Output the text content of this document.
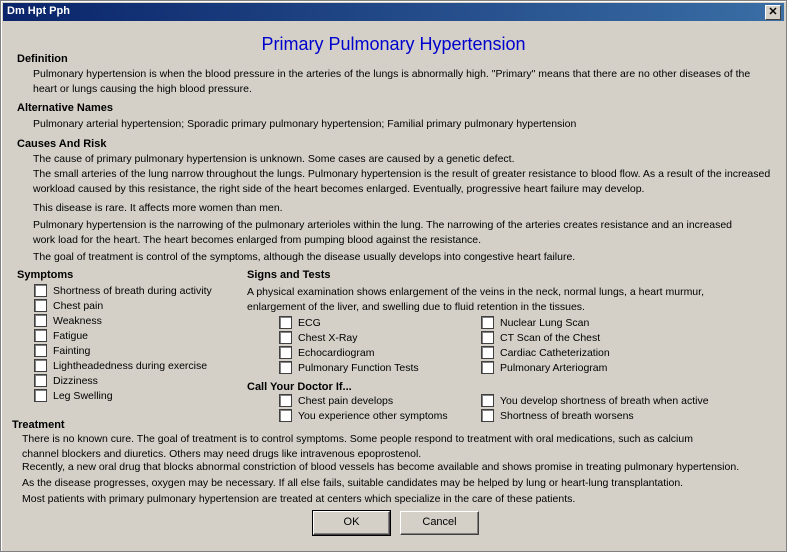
Dm Hpt Pph	✕
Primary Pulmonary Hypertension
Definition
Pulmonary hypertension is when the blood pressure in the arteries of the lungs is abnormally high. "Primary" means that there are no other diseases of the heart or lungs causing the high blood pressure.
Alternative Names
Pulmonary arterial hypertension; Sporadic primary pulmonary hypertension; Familial primary pulmonary hypertension
Causes And Risk
The cause of primary pulmonary hypertension is unknown. Some cases are caused by a genetic defect.
The small arteries of the lung narrow throughout the lungs. Pulmonary hypertension is the result of greater resistance to blood flow. As a result of the increased workload caused by this resistance, the right side of the heart becomes enlarged. Eventually, progressive heart failure may develop.
This disease is rare. It affects more women than men.
Pulmonary hypertension is the narrowing of the pulmonary arterioles within the lung. The narrowing of the arteries creates resistance and an increased work load for the heart. The heart becomes enlarged from pumping blood against the resistance.
The goal of treatment is control of the symptoms, although the disease usually develops into congestive heart failure.
Symptoms
Shortness of breath during activity
Chest pain
Weakness
Fatigue
Fainting
Lightheadedness during exercise
Dizziness
Leg Swelling
Signs and Tests
A physical examination shows enlargement of the veins in the neck, normal lungs, a heart murmur, enlargement of the liver, and swelling due to fluid retention in the tissues.
ECG
Chest X-Ray
Echocardiogram
Pulmonary Function Tests
Nuclear Lung Scan
CT Scan of the Chest
Cardiac Catheterization
Pulmonary Arteriogram
Call Your Doctor If...
Chest pain develops
You experience other symptoms
You develop shortness of breath when active
Shortness of breath worsens
Treatment
There is no known cure. The goal of treatment is to control symptoms. Some people respond to treatment with oral medications, such as calcium channel blockers and diuretics. Others may need drugs like intravenous epoprostenol.
Recently, a new oral drug that blocks abnormal constriction of blood vessels has become available and shows promise in treating pulmonary hypertension.
As the disease progresses, oxygen may be necessary. If all else fails, suitable candidates may be helped by lung or heart-lung transplantation.
Most patients with primary pulmonary hypertension are treated at centers which specialize in the care of these patients.
OK	Cancel
